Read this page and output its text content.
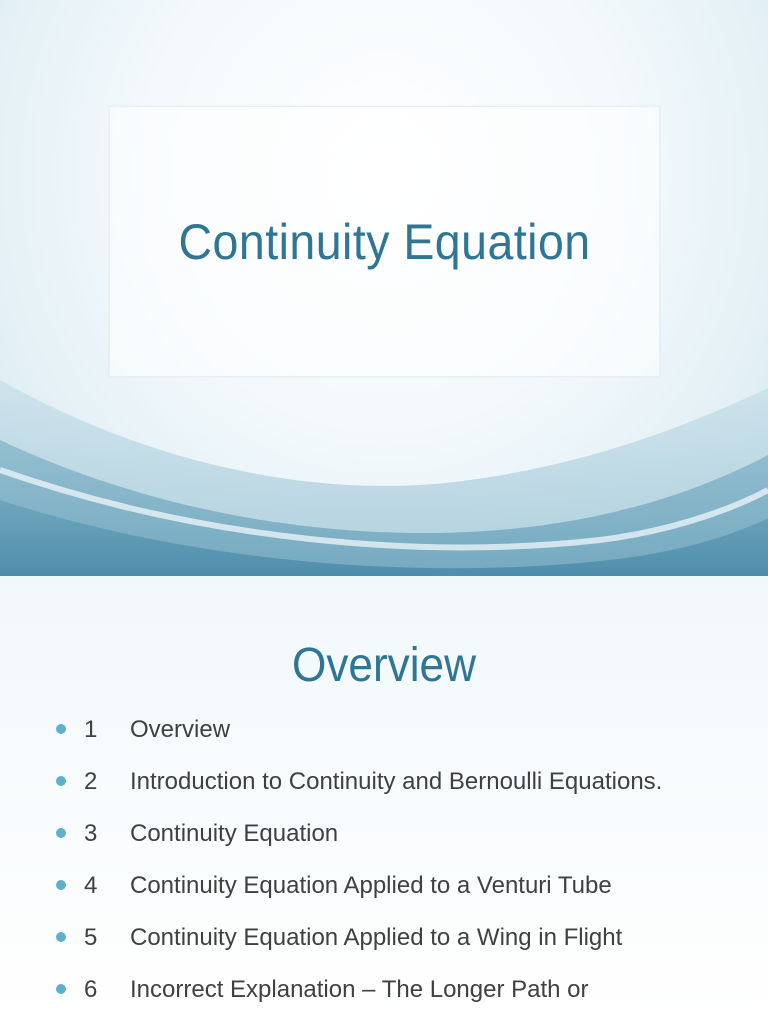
Continuity Equation
Overview
1 Overview
2 Introduction to Continuity and Bernoulli Equations.
3 Continuity Equation
4 Continuity Equation Applied to a Venturi Tube
5 Continuity Equation Applied to a Wing in Flight
6 Incorrect Explanation – The Longer Path or
